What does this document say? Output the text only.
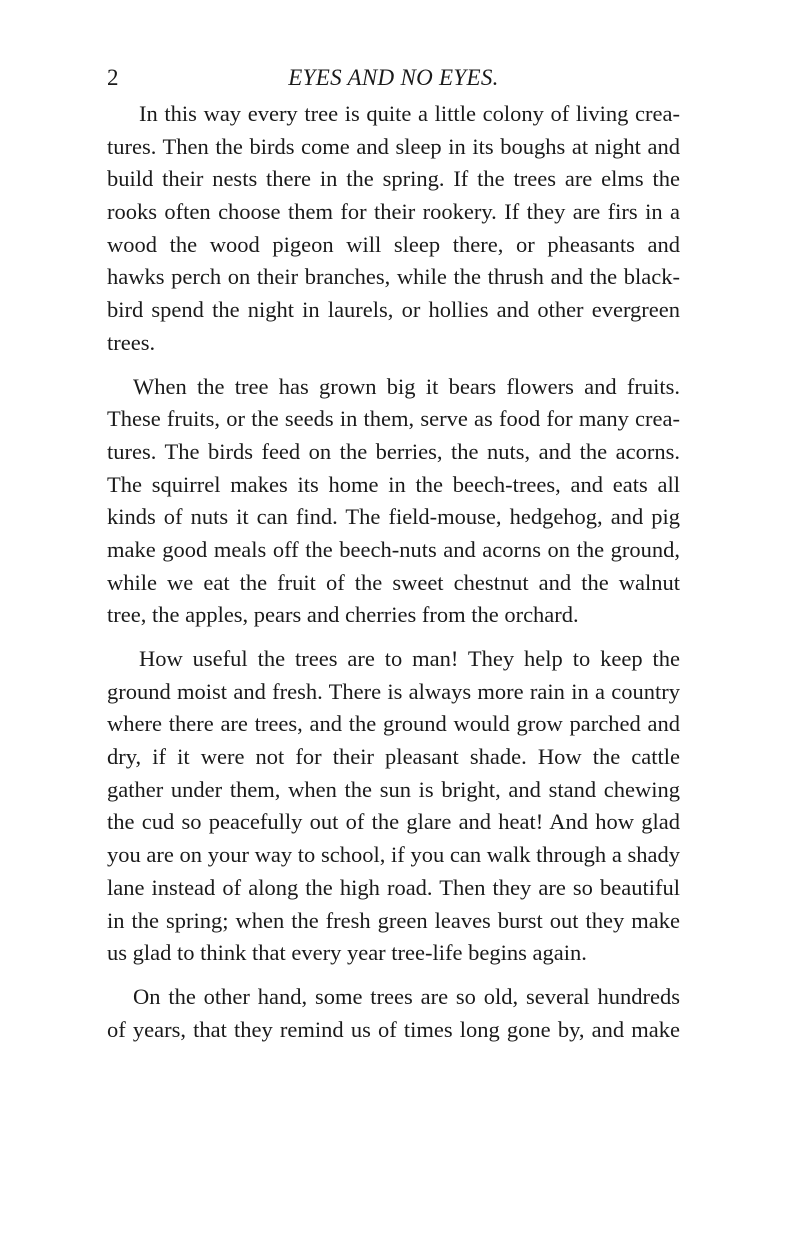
2	EYES AND NO EYES.

In this way every tree is quite a little colony of living crea-
tures. Then the birds come and sleep in its boughs at night and
build their nests there in the spring. If the trees are elms the
rooks often choose them for their rookery. If they are firs in a
wood the wood pigeon will sleep there, or pheasants and
hawks perch on their branches, while the thrush and the black-
bird spend the night in laurels, or hollies and other evergreen
trees.

When the tree has grown big it bears flowers and fruits.
These fruits, or the seeds in them, serve as food for many crea-
tures. The birds feed on the berries, the nuts, and the acorns.
The squirrel makes its home in the beech-trees, and eats all
kinds of nuts it can find. The field-mouse, hedgehog, and pig
make good meals off the beech-nuts and acorns on the ground,
while we eat the fruit of the sweet chestnut and the walnut
tree, the apples, pears and cherries from the orchard.

How useful the trees are to man! They help to keep the
ground moist and fresh. There is always more rain in a country
where there are trees, and the ground would grow parched and
dry, if it were not for their pleasant shade. How the cattle
gather under them, when the sun is bright, and stand chewing
the cud so peacefully out of the glare and heat! And how glad
you are on your way to school, if you can walk through a shady
lane instead of along the high road. Then they are so beautiful
in the spring; when the fresh green leaves burst out they make
us glad to think that every year tree-life begins again.

On the other hand, some trees are so old, several hundreds
of years, that they remind us of times long gone by, and make
